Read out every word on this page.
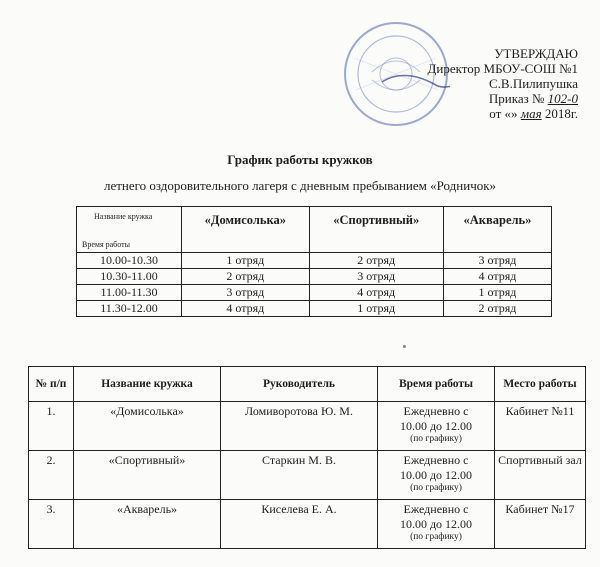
УТВЕРЖДАЮ
Директор МБОУ-СОШ №1
С.В.Пилипушка
Приказ № 102-0
от «» мая 2018г.
График работы кружков
летнего оздоровительного лагеря с дневным пребыванием «Родничок»
Название кружка
Время работы	«Домисолька»	«Спортивный»	«Акварель»
10.00-10.30	1 отряд	2 отряд	3 отряд
10.30-11.00	2 отряд	3 отряд	4 отряд
11.00-11.30	3 отряд	4 отряд	1 отряд
11.30-12.00	4 отряд	1 отряд	2 отряд
№ п/п	Название кружка	Руководитель	Время работы	Место работы
1.	«Домисолька»	Ломиворотова Ю. М.	Ежедневно с
10.00 до 12.00
(по графику)	Кабинет №11
2.	«Спортивный»	Старкин М. В.	Ежедневно с
10.00 до 12.00
(по графику)	Спортивный зал
3.	«Акварель»	Киселева Е. А.	Ежедневно с
10.00 до 12.00
(по графику)	Кабинет №17
